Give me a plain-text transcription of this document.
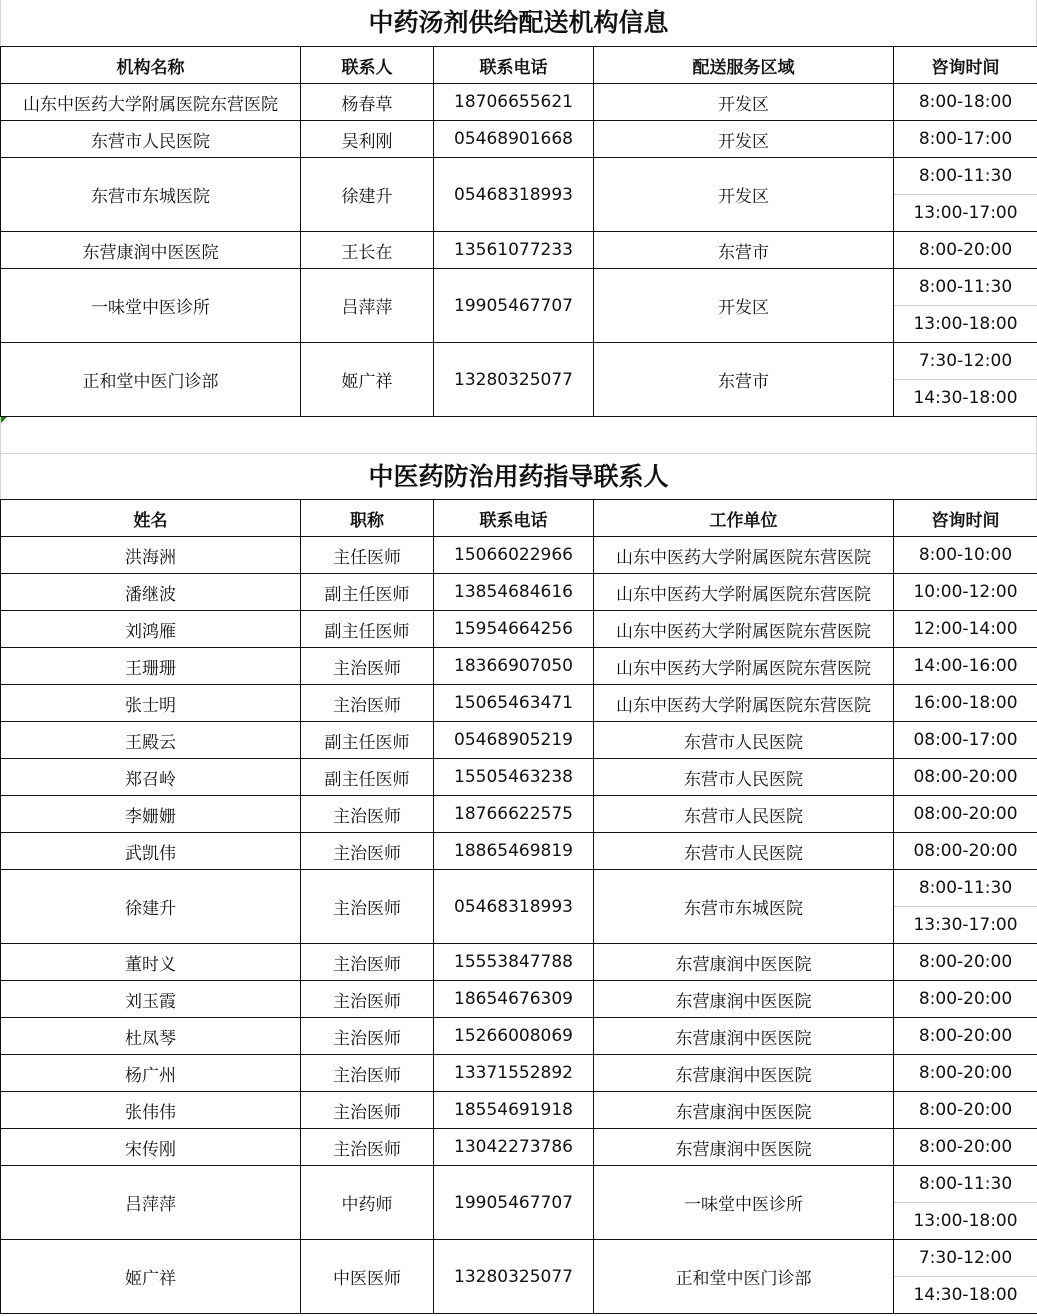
中药汤剂供给配送机构信息
机构名称	联系人	联系电话	配送服务区域	咨询时间
山东中医药大学附属医院东营医院	杨春草	18706655621	开发区	8:00-18:00
东营市人民医院	吴利刚	05468901668	开发区	8:00-17:00
东营市东城医院	徐建升	05468318993	开发区	8:00-11:30
				13:00-17:00
东营康润中医医院	王长在	13561077233	东营市	8:00-20:00
一味堂中医诊所	吕萍萍	19905467707	开发区	8:00-11:30
				13:00-18:00
正和堂中医门诊部	姬广祥	13280325077	东营市	7:30-12:00
				14:30-18:00
中医药防治用药指导联系人
姓名	职称	联系电话	工作单位	咨询时间
洪海洲	主任医师	15066022966	山东中医药大学附属医院东营医院	8:00-10:00
潘继波	副主任医师	13854684616	山东中医药大学附属医院东营医院	10:00-12:00
刘鸿雁	副主任医师	15954664256	山东中医药大学附属医院东营医院	12:00-14:00
王珊珊	主治医师	18366907050	山东中医药大学附属医院东营医院	14:00-16:00
张士明	主治医师	15065463471	山东中医药大学附属医院东营医院	16:00-18:00
王殿云	副主任医师	05468905219	东营市人民医院	08:00-17:00
郑召岭	副主任医师	15505463238	东营市人民医院	08:00-20:00
李姗姗	主治医师	18766622575	东营市人民医院	08:00-20:00
武凯伟	主治医师	18865469819	东营市人民医院	08:00-20:00
徐建升	主治医师	05468318993	东营市东城医院	8:00-11:30
				13:30-17:00
董时义	主治医师	15553847788	东营康润中医医院	8:00-20:00
刘玉霞	主治医师	18654676309	东营康润中医医院	8:00-20:00
杜凤琴	主治医师	15266008069	东营康润中医医院	8:00-20:00
杨广州	主治医师	13371552892	东营康润中医医院	8:00-20:00
张伟伟	主治医师	18554691918	东营康润中医医院	8:00-20:00
宋传刚	主治医师	13042273786	东营康润中医医院	8:00-20:00
吕萍萍	中药师	19905467707	一味堂中医诊所	8:00-11:30
				13:00-18:00
姬广祥	中医医师	13280325077	正和堂中医门诊部	7:30-12:00
				14:30-18:00
